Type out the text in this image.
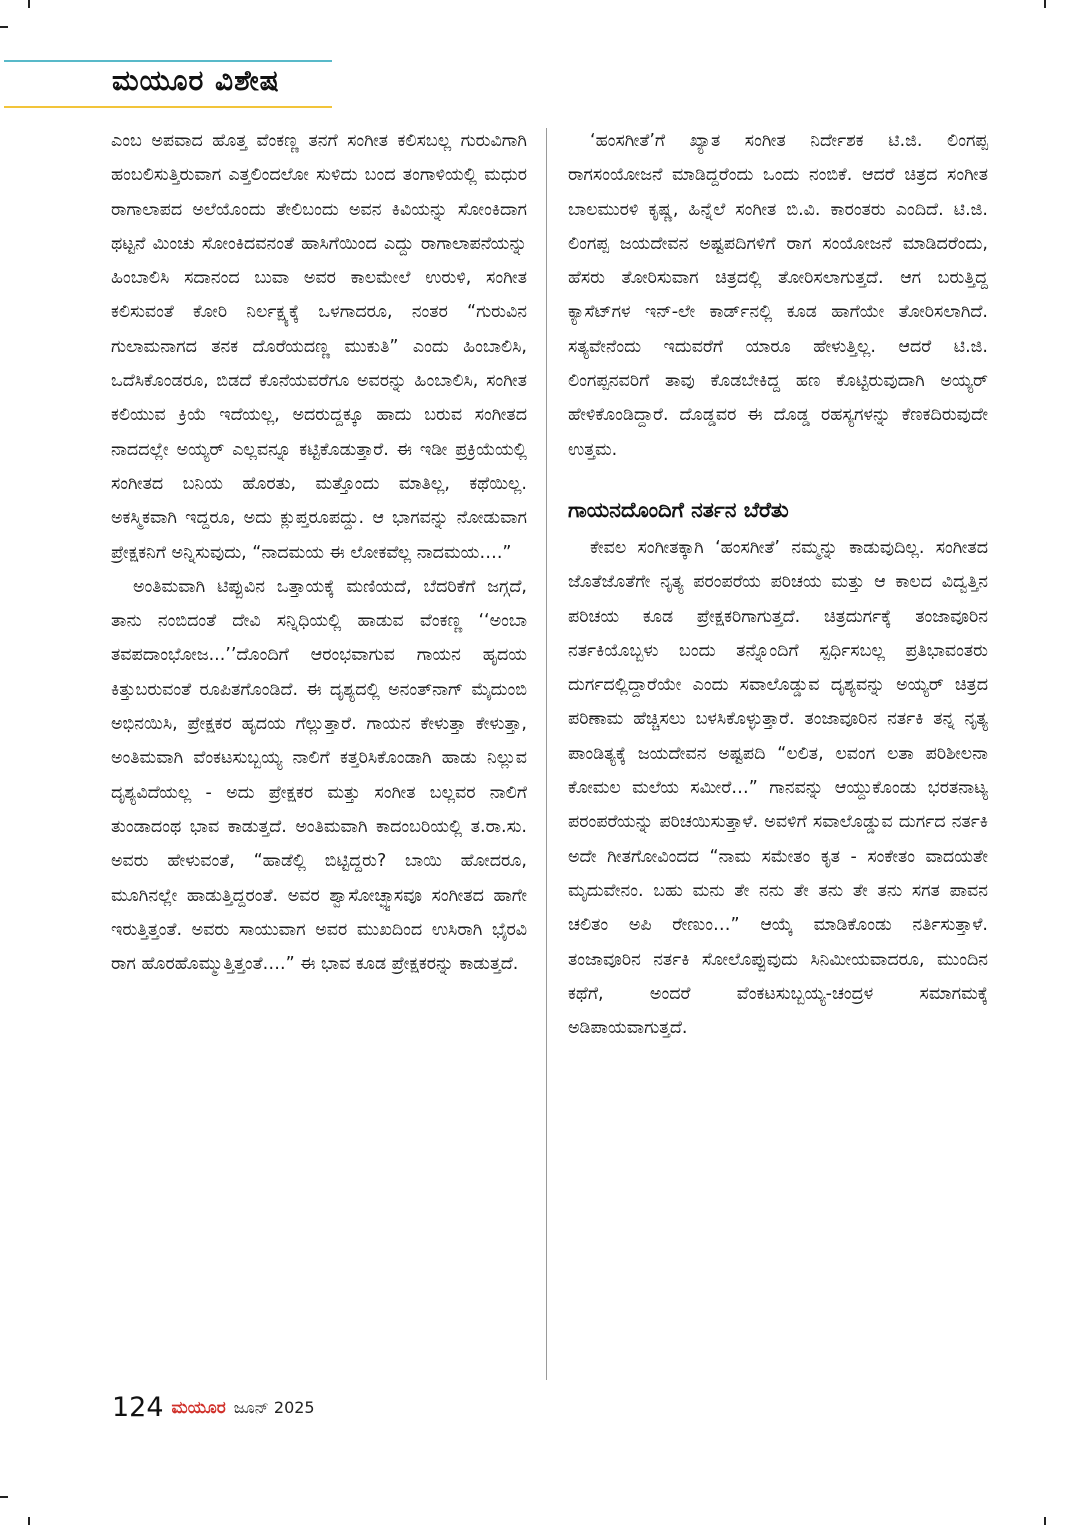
ಮಯೂರ ವಿಶೇಷ

ಎಂಬ ಅಪವಾದ ಹೊತ್ತ ವೆಂಕಣ್ಣ ತನಗೆ ಸಂಗೀತ ಕಲಿಸಬಲ್ಲ ಗುರುವಿಗಾಗಿ ಹಂಬಲಿಸುತ್ತಿರುವಾಗ ಎತ್ತಲಿಂದಲೋ ಸುಳಿದು ಬಂದ ತಂಗಾಳಿಯಲ್ಲಿ ಮಧುರ ರಾಗಾಲಾಪದ ಅಲೆಯೊಂದು ತೇಲಿಬಂದು ಅವನ ಕಿವಿಯನ್ನು ಸೋಂಕಿದಾಗ ಥಟ್ಟನೆ ಮಿಂಚು ಸೋಂಕಿದವನಂತೆ ಹಾಸಿಗೆಯಿಂದ ಎದ್ದು ರಾಗಾಲಾಪನೆಯನ್ನು ಹಿಂಬಾಲಿಸಿ ಸದಾನಂದ ಬುವಾ ಅವರ ಕಾಲಮೇಲೆ ಉರುಳಿ, ಸಂಗೀತ ಕಲಿಸುವಂತೆ ಕೋರಿ ನಿರ್ಲಕ್ಷ್ಯಕ್ಕೆ ಒಳಗಾದರೂ, ನಂತರ “ಗುರುವಿನ ಗುಲಾಮನಾಗದ ತನಕ ದೊರೆಯದಣ್ಣ ಮುಕುತಿ” ಎಂದು ಹಿಂಬಾಲಿಸಿ, ಒದೆಸಿಕೊಂಡರೂ, ಬಿಡದೆ ಕೊನೆಯವರೆಗೂ ಅವರನ್ನು ಹಿಂಬಾಲಿಸಿ, ಸಂಗೀತ ಕಲಿಯುವ ಕ್ರಿಯೆ ಇದೆಯಲ್ಲ, ಅದರುದ್ದಕ್ಕೂ ಹಾದು ಬರುವ ಸಂಗೀತದ ನಾದದಲ್ಲೇ ಅಯ್ಯರ್ ಎಲ್ಲವನ್ನೂ ಕಟ್ಟಿಕೊಡುತ್ತಾರೆ. ಈ ಇಡೀ ಪ್ರಕ್ರಿಯೆಯಲ್ಲಿ ಸಂಗೀತದ ಬನಿಯ ಹೊರತು, ಮತ್ತೊಂದು ಮಾತಿಲ್ಲ, ಕಥೆಯಿಲ್ಲ. ಅಕಸ್ಮಿಕವಾಗಿ ಇದ್ದರೂ, ಅದು ಕ್ಲುಪ್ತರೂಪದ್ದು. ಆ ಭಾಗವನ್ನು ನೋಡುವಾಗ ಪ್ರೇಕ್ಷಕನಿಗೆ ಅನ್ನಿಸುವುದು, “ನಾದಮಯ ಈ ಲೋಕವೆಲ್ಲ ನಾದಮಯ….”

ಅಂತಿಮವಾಗಿ ಟಿಪ್ಪುವಿನ ಒತ್ತಾಯಕ್ಕೆ ಮಣಿಯದೆ, ಬೆದರಿಕೆಗೆ ಜಗ್ಗದೆ, ತಾನು ನಂಬಿದಂತೆ ದೇವಿ ಸನ್ನಿಧಿಯಲ್ಲಿ ಹಾಡುವ ವೆಂಕಣ್ಣ ‘‘ಅಂಬಾ ತವಪದಾಂಭೋಜ...’’ದೊಂದಿಗೆ ಆರಂಭವಾಗುವ ಗಾಯನ ಹೃದಯ ಕಿತ್ತುಬರುವಂತೆ ರೂಪಿತಗೊಂಡಿದೆ. ಈ ದೃಶ್ಯದಲ್ಲಿ ಅನಂತ್‌ನಾಗ್ ಮೈದುಂಬಿ ಅಭಿನಯಿಸಿ, ಪ್ರೇಕ್ಷಕರ ಹೃದಯ ಗೆಲ್ಲುತ್ತಾರೆ. ಗಾಯನ ಕೇಳುತ್ತಾ ಕೇಳುತ್ತಾ, ಅಂತಿಮವಾಗಿ ವೆಂಕಟಸುಬ್ಬಯ್ಯ ನಾಲಿಗೆ ಕತ್ತರಿಸಿಕೊಂಡಾಗಿ ಹಾಡು ನಿಲ್ಲುವ ದೃಶ್ಯವಿದೆಯಲ್ಲ - ಅದು ಪ್ರೇಕ್ಷಕರ ಮತ್ತು ಸಂಗೀತ ಬಲ್ಲವರ ನಾಲಿಗೆ ತುಂಡಾದಂಥ ಭಾವ ಕಾಡುತ್ತದೆ. ಅಂತಿಮವಾಗಿ ಕಾದಂಬರಿಯಲ್ಲಿ ತ.ರಾ.ಸು. ಅವರು ಹೇಳುವಂತೆ, “ಹಾಡೆಲ್ಲಿ ಬಿಟ್ಟಿದ್ದರು? ಬಾಯಿ ಹೋದರೂ, ಮೂಗಿನಲ್ಲೇ ಹಾಡುತ್ತಿದ್ದರಂತೆ. ಅವರ ಶ್ವಾಸೋಚ್ಛ್ವಾಸವೂ ಸಂಗೀತದ ಹಾಗೇ ಇರುತ್ತಿತ್ತಂತೆ. ಅವರು ಸಾಯುವಾಗ ಅವರ ಮುಖದಿಂದ ಉಸಿರಾಗಿ ಭೈರವಿ ರಾಗ ಹೊರಹೊಮ್ಮುತ್ತಿತ್ತಂತೆ….” ಈ ಭಾವ ಕೂಡ ಪ್ರೇಕ್ಷಕರನ್ನು ಕಾಡುತ್ತದೆ.

‘ಹಂಸಗೀತೆ’ಗೆ ಖ್ಯಾತ ಸಂಗೀತ ನಿರ್ದೇಶಕ ಟಿ.ಜಿ. ಲಿಂಗಪ್ಪ ರಾಗಸಂಯೋಜನೆ ಮಾಡಿದ್ದರೆಂದು ಒಂದು ನಂಬಿಕೆ. ಆದರೆ ಚಿತ್ರದ ಸಂಗೀತ ಬಾಲಮುರಳಿ ಕೃಷ್ಣ, ಹಿನ್ನೆಲೆ ಸಂಗೀತ ಬಿ.ವಿ. ಕಾರಂತರು ಎಂದಿದೆ. ಟಿ.ಜಿ. ಲಿಂಗಪ್ಪ ಜಯದೇವನ ಅಷ್ಟಪದಿಗಳಿಗೆ ರಾಗ ಸಂಯೋಜನೆ ಮಾಡಿದರೆಂದು, ಹೆಸರು ತೋರಿಸುವಾಗ ಚಿತ್ರದಲ್ಲಿ ತೋರಿಸಲಾಗುತ್ತದೆ. ಆಗ ಬರುತ್ತಿದ್ದ ಕ್ಯಾಸೆಟ್‌ಗಳ ಇನ್-ಲೇ ಕಾರ್ಡ್‌ನಲ್ಲಿ ಕೂಡ ಹಾಗೆಯೇ ತೋರಿಸಲಾಗಿದೆ. ಸತ್ಯವೇನೆಂದು ಇದುವರೆಗೆ ಯಾರೂ ಹೇಳುತ್ತಿಲ್ಲ. ಆದರೆ ಟಿ.ಜಿ. ಲಿಂಗಪ್ಪನವರಿಗೆ ತಾವು ಕೊಡಬೇಕಿದ್ದ ಹಣ ಕೊಟ್ಟಿರುವುದಾಗಿ ಅಯ್ಯರ್ ಹೇಳಿಕೊಂಡಿದ್ದಾರೆ. ದೊಡ್ಡವರ ಈ ದೊಡ್ಡ ರಹಸ್ಯಗಳನ್ನು ಕೆಣಕದಿರುವುದೇ ಉತ್ತಮ.

ಗಾಯನದೊಂದಿಗೆ ನರ್ತನ ಬೆರೆತು

ಕೇವಲ ಸಂಗೀತಕ್ಕಾಗಿ ‘ಹಂಸಗೀತೆ’ ನಮ್ಮನ್ನು ಕಾಡುವುದಿಲ್ಲ. ಸಂಗೀತದ ಜೊತೆಜೊತೆಗೇ ನೃತ್ಯ ಪರಂಪರೆಯ ಪರಿಚಯ ಮತ್ತು ಆ ಕಾಲದ ವಿದ್ವತ್ತಿನ ಪರಿಚಯ ಕೂಡ ಪ್ರೇಕ್ಷಕರಿಗಾಗುತ್ತದೆ. ಚಿತ್ರದುರ್ಗಕ್ಕೆ ತಂಜಾವೂರಿನ ನರ್ತಕಿಯೊಬ್ಬಳು ಬಂದು ತನ್ನೊಂದಿಗೆ ಸ್ಪರ್ಧಿಸಬಲ್ಲ ಪ್ರತಿಭಾವಂತರು ದುರ್ಗದಲ್ಲಿದ್ದಾರೆಯೇ ಎಂದು ಸವಾಲೊಡ್ಡುವ ದೃಶ್ಯವನ್ನು ಅಯ್ಯರ್ ಚಿತ್ರದ ಪರಿಣಾಮ ಹೆಚ್ಚಿಸಲು ಬಳಸಿಕೊಳ್ಳುತ್ತಾರೆ. ತಂಜಾವೂರಿನ ನರ್ತಕಿ ತನ್ನ ನೃತ್ಯ ಪಾಂಡಿತ್ಯಕ್ಕೆ ಜಯದೇವನ ಅಷ್ಟಪದಿ “ಲಲಿತ, ಲವಂಗ ಲತಾ ಪರಿಶೀಲನಾ ಕೋಮಲ ಮಲೆಯ ಸಮೀರೆ…” ಗಾನವನ್ನು ಆಯ್ದುಕೊಂಡು ಭರತನಾಟ್ಯ ಪರಂಪರೆಯನ್ನು ಪರಿಚಯಿಸುತ್ತಾಳೆ. ಅವಳಿಗೆ ಸವಾಲೊಡ್ಡುವ ದುರ್ಗದ ನರ್ತಕಿ ಅದೇ ಗೀತಗೋವಿಂದದ “ನಾಮ ಸಮೇತಂ ಕೃತ - ಸಂಕೇತಂ ವಾದಯತೇ ಮೃದುವೇನಂ. ಬಹು ಮನು ತೇ ನನು ತೇ ತನು ತೇ ತನು ಸಗತ ಪಾವನ ಚಲಿತಂ ಅಪಿ ರೇಣುಂ…” ಆಯ್ಕೆ ಮಾಡಿಕೊಂಡು ನರ್ತಿಸುತ್ತಾಳೆ. ತಂಜಾವೂರಿನ ನರ್ತಕಿ ಸೋಲೊಪ್ಪುವುದು ಸಿನಿಮೀಯವಾದರೂ, ಮುಂದಿನ ಕಥೆಗೆ, ಅಂದರೆ ವೆಂಕಟಸುಬ್ಬಯ್ಯ-ಚಂದ್ರಳ ಸಮಾಗಮಕ್ಕೆ ಅಡಿಪಾಯವಾಗುತ್ತದೆ.

124 ಮಯೂರ ಜೂನ್ 2025
